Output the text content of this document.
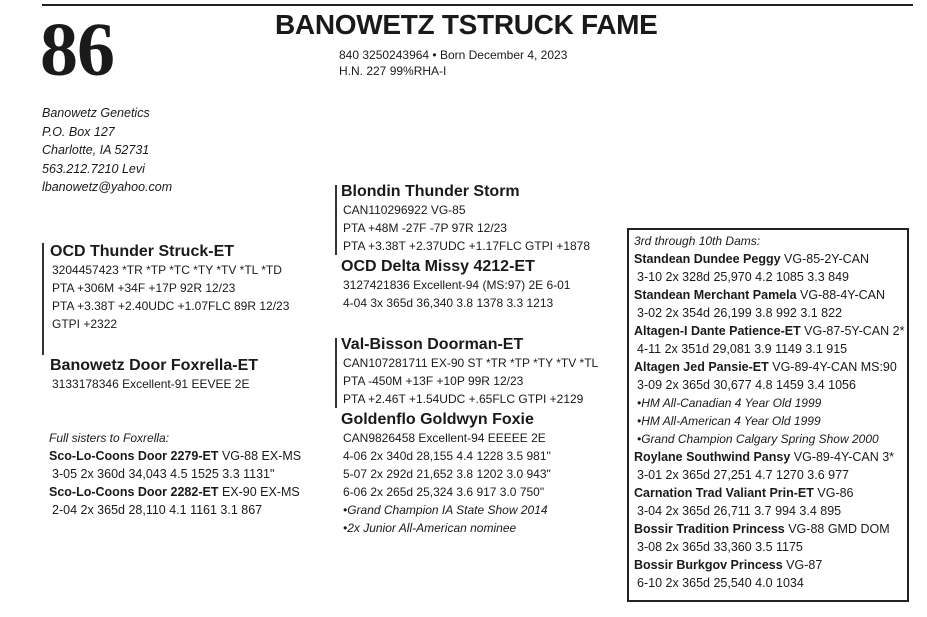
86	BANOWETZ TSTRUCK FAME
840 3250243964 • Born December 4, 2023
H.N. 227 99%RHA-I
Banowetz Genetics
P.O. Box 127
Charlotte, IA 52731
563.212.7210 Levi
lbanowetz@yahoo.com
OCD Thunder Struck-ET
3204457423 *TR *TP *TC *TY *TV *TL *TD
PTA +306M +34F +17P 92R 12/23
PTA +3.38T +2.40UDC +1.07FLC 89R 12/23
GTPI +2322
Banowetz Door Foxrella-ET
3133178346 Excellent-91 EEVEE 2E
Full sisters to Foxrella:
Sco-Lo-Coons Door 2279-ET VG-88 EX-MS
3-05 2x 360d 34,043 4.5 1525 3.3 1131"
Sco-Lo-Coons Door 2282-ET EX-90 EX-MS
2-04 2x 365d 28,110 4.1 1161 3.1 867
Blondin Thunder Storm
CAN110296922 VG-85
PTA +48M -27F -7P 97R 12/23
PTA +3.38T +2.37UDC +1.17FLC GTPI +1878
OCD Delta Missy 4212-ET
3127421836 Excellent-94 (MS:97) 2E 6-01
4-04 3x 365d 36,340 3.8 1378 3.3 1213
Val-Bisson Doorman-ET
CAN107281711 EX-90 ST *TR *TP *TY *TV *TL
PTA -450M +13F +10P 99R 12/23
PTA +2.46T +1.54UDC +.65FLC GTPI +2129
Goldenflo Goldwyn Foxie
CAN9826458 Excellent-94 EEEEE 2E
4-06 2x 340d 28,155 4.4 1228 3.5 981"
5-07 2x 292d 21,652 3.8 1202 3.0 943"
6-06 2x 265d 25,324 3.6 917 3.0 750"
•Grand Champion IA State Show 2014
•2x Junior All-American nominee
3rd through 10th Dams:
Standean Dundee Peggy VG-85-2Y-CAN
3-10 2x 328d 25,970 4.2 1085 3.3 849
Standean Merchant Pamela VG-88-4Y-CAN
3-02 2x 354d 26,199 3.8 992 3.1 822
Altagen-I Dante Patience-ET VG-87-5Y-CAN 2*
4-11 2x 351d 29,081 3.9 1149 3.1 915
Altagen Jed Pansie-ET VG-89-4Y-CAN MS:90
3-09 2x 365d 30,677 4.8 1459 3.4 1056
•HM All-Canadian 4 Year Old 1999
•HM All-American 4 Year Old 1999
•Grand Champion Calgary Spring Show 2000
Roylane Southwind Pansy VG-89-4Y-CAN 3*
3-01 2x 365d 27,251 4.7 1270 3.6 977
Carnation Trad Valiant Prin-ET VG-86
3-04 2x 365d 26,711 3.7 994 3.4 895
Bossir Tradition Princess VG-88 GMD DOM
3-08 2x 365d 33,360 3.5 1175
Bossir Burkgov Princess VG-87
6-10 2x 365d 25,540 4.0 1034
